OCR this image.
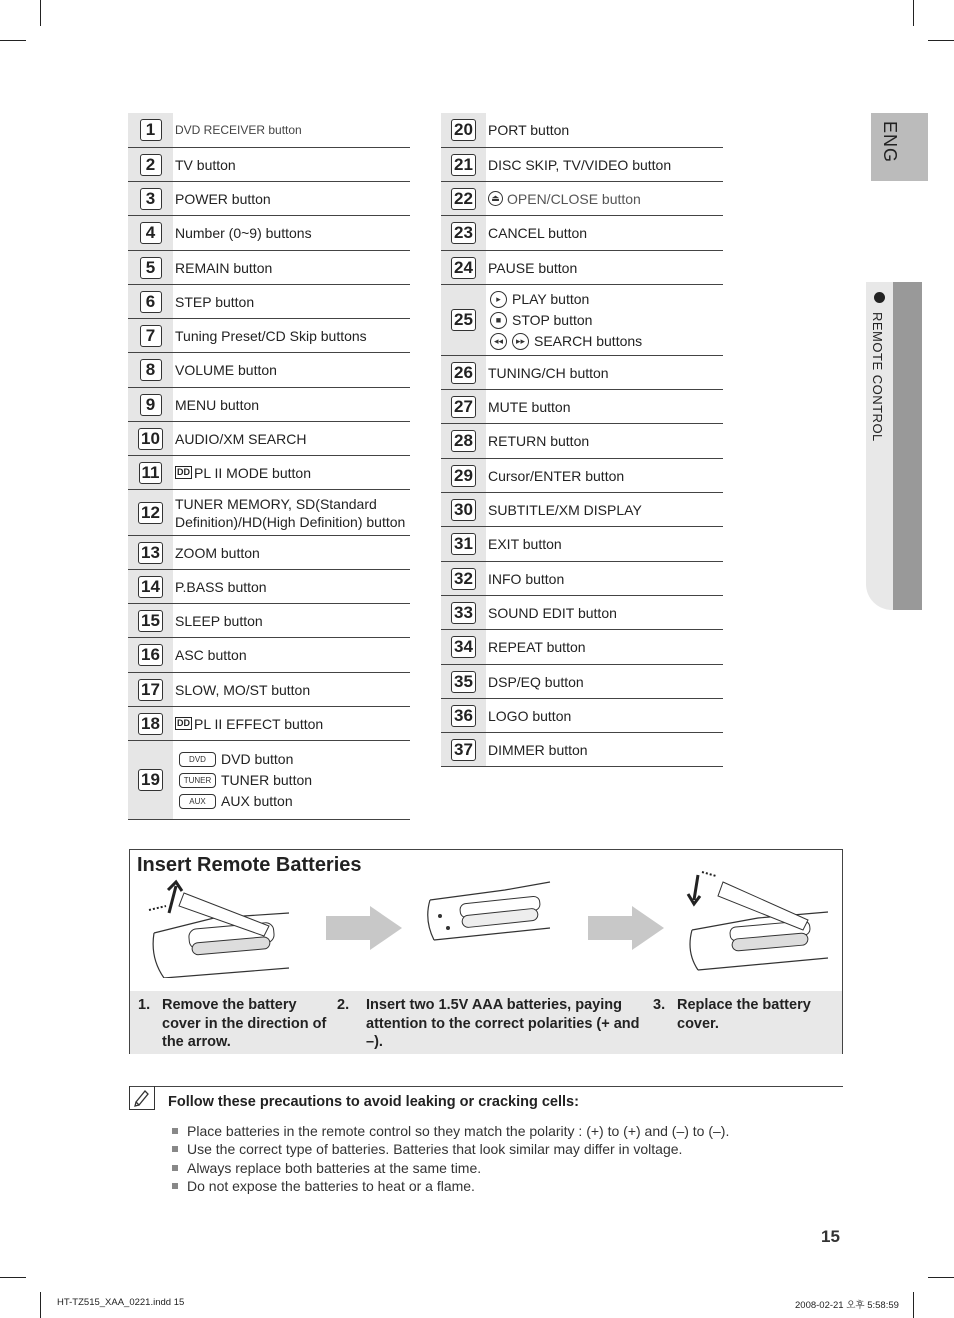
1	DVD RECEIVER button
2	TV button
3	POWER button
4	Number (0~9) buttons
5	REMAIN button
6	STEP button
7	Tuning Preset/CD Skip buttons
8	VOLUME button
9	MENU button
10 AUDIO/XM SEARCH
11	DD PL II MODE button
12 TUNER MEMORY, SD(Standard Definition)/HD(High Definition) button
13 ZOOM button
14 P.BASS button
15 SLEEP button
16 ASC button
17 SLOW, MO/ST button
18	DD PL II EFFECT button
19
DVD	DVD button
TUNER TUNER button
AUX	AUX button
20 PORT button
21 DISC SKIP, TV/VIDEO button
22	⏏ OPEN/CLOSE button
23 CANCEL button
24 PAUSE button
25
▸ PLAY button
■ STOP button
◂◂	▸▸ SEARCH buttons
26 TUNING/CH button
27 MUTE button
28 RETURN button
29 Cursor/ENTER button
30 SUBTITLE/XM DISPLAY
31 EXIT button
32 INFO button
33 SOUND EDIT button
34 REPEAT button
35 DSP/EQ button
36 LOGO button
37 DIMMER button
ENG
REMOTE CONTROL
Insert Remote Batteries
1. Remove the battery cover in the direction of the arrow.
2. Insert two 1.5V AAA batteries, paying attention to the correct polarities (+ and –).
3. Replace the battery cover.
Follow these precautions to avoid leaking or cracking cells:
Place batteries in the remote control so they match the polarity : (+) to (+) and (–) to (–).
Use the correct type of batteries. Batteries that look similar may differ in voltage.
Always replace both batteries at the same time.
Do not expose the batteries to heat or a flame.
15
HT-TZ515_XAA_0221.indd 15	2008-02-21 오후 5:58:59
